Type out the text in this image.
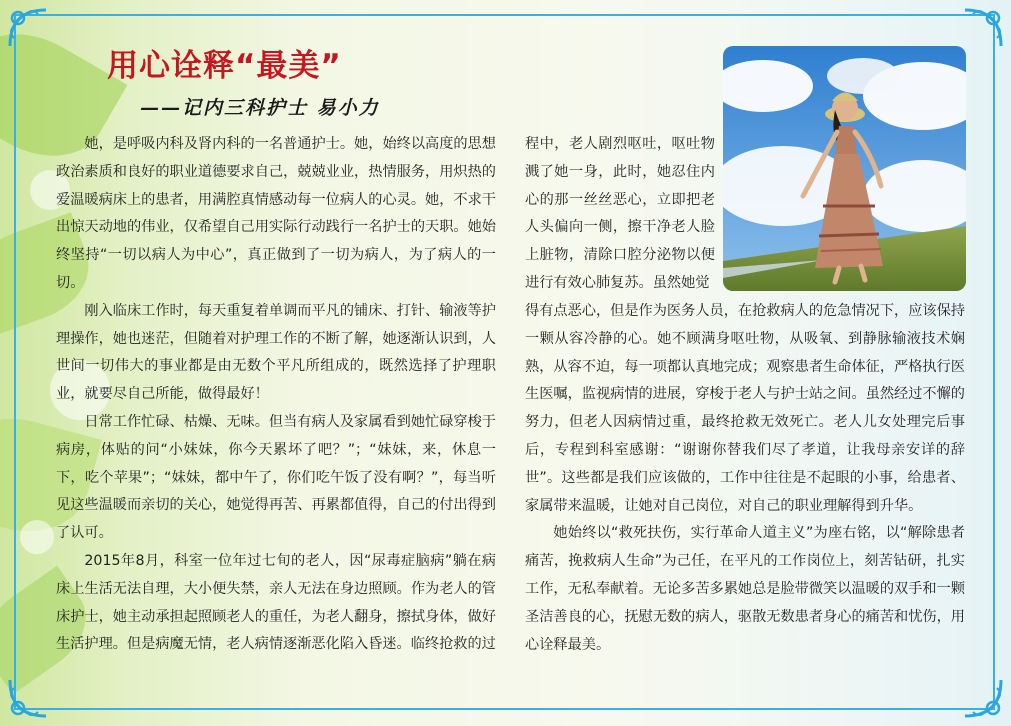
用心诠释“最美”
——记内三科护士 易小力

她，是呼吸内科及肾内科的一名普通护士。她，始终以高度的思想政治素质和良好的职业道德要求自己，兢兢业业，热情服务，用炽热的爱温暖病床上的患者，用满腔真情感动每一位病人的心灵。她，不求干出惊天动地的伟业，仅希望自己用实际行动践行一名护士的天职。她始终坚持“一切以病人为中心”，真正做到了一切为病人，为了病人的一切。

刚入临床工作时，每天重复着单调而平凡的铺床、打针、输液等护理操作，她也迷茫，但随着对护理工作的不断了解，她逐渐认识到，人世间一切伟大的事业都是由无数个平凡所组成的，既然选择了护理职业，就要尽自己所能，做得最好！

日常工作忙碌、枯燥、无味。但当有病人及家属看到她忙碌穿梭于病房，体贴的问“小妹妹，你今天累坏了吧？”；“妹妹，来，休息一下，吃个苹果”；“妹妹，都中午了，你们吃午饭了没有啊？”，每当听见这些温暖而亲切的关心，她觉得再苦、再累都值得，自己的付出得到了认可。

2015年8月，科室一位年过七旬的老人，因“尿毒症脑病”躺在病床上生活无法自理，大小便失禁，亲人无法在身边照顾。作为老人的管床护士，她主动承担起照顾老人的重任，为老人翻身，擦拭身体，做好生活护理。但是病魔无情，老人病情逐渐恶化陷入昏迷。临终抢救的过

程中，老人剧烈呕吐，呕吐物溅了她一身，此时，她忍住内心的那一丝丝恶心，立即把老人头偏向一侧，擦干净老人脸上脏物，清除口腔分泌物以便进行有效心肺复苏。虽然她觉

得有点恶心，但是作为医务人员，在抢救病人的危急情况下，应该保持一颗从容冷静的心。她不顾满身呕吐物，从吸氧、到静脉输液技术娴熟，从容不迫，每一项都认真地完成；观察患者生命体征，严格执行医生医嘱，监视病情的进展，穿梭于老人与护士站之间。虽然经过不懈的努力，但老人因病情过重，最终抢救无效死亡。老人儿女处理完后事后，专程到科室感谢：“谢谢你替我们尽了孝道，让我母亲安详的辞世”。这些都是我们应该做的，工作中往往是不起眼的小事，给患者、家属带来温暖，让她对自己岗位，对自己的职业理解得到升华。

她始终以“救死扶伤，实行革命人道主义”为座右铭，以“解除患者痛苦，挽救病人生命”为己任，在平凡的工作岗位上，刻苦钻研，扎实工作，无私奉献着。无论多苦多累她总是脸带微笑以温暖的双手和一颗圣洁善良的心，抚慰无数的病人，驱散无数患者身心的痛苦和忧伤，用心诠释最美。
